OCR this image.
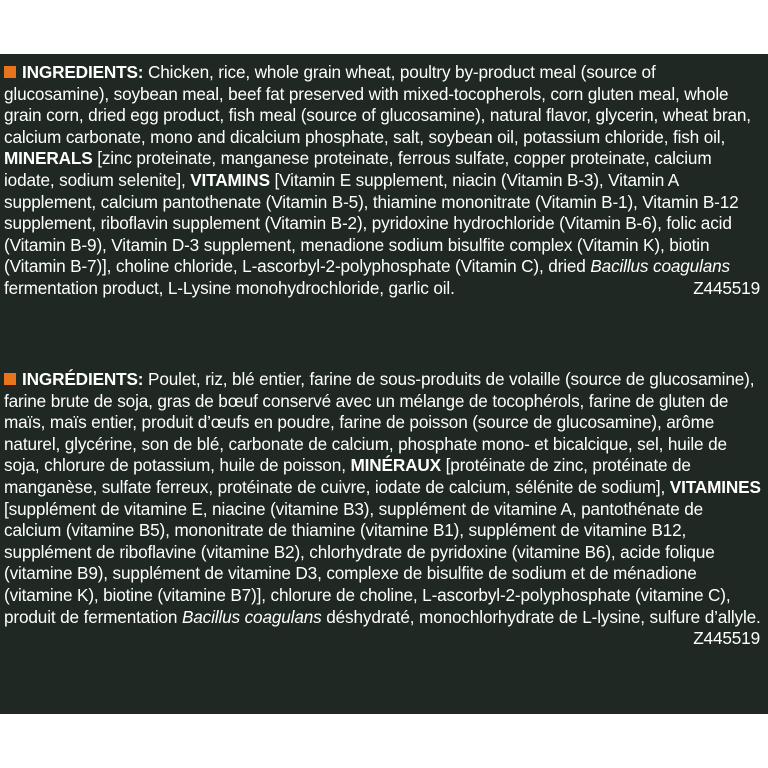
INGREDIENTS: Chicken, rice, whole grain wheat, poultry by-product meal (source of glucosamine), soybean meal, beef fat preserved with mixed-tocopherols, corn gluten meal, whole grain corn, dried egg product, fish meal (source of glucosamine), natural flavor, glycerin, wheat bran, calcium carbonate, mono and dicalcium phosphate, salt, soybean oil, potassium chloride, fish oil, MINERALS [zinc proteinate, manganese proteinate, ferrous sulfate, copper proteinate, calcium iodate, sodium selenite], VITAMINS [Vitamin E supplement, niacin (Vitamin B-3), Vitamin A supplement, calcium pantothenate (Vitamin B-5), thiamine mononitrate (Vitamin B-1), Vitamin B-12 supplement, riboflavin supplement (Vitamin B-2), pyridoxine hydrochloride (Vitamin B-6), folic acid (Vitamin B-9), Vitamin D-3 supplement, menadione sodium bisulfite complex (Vitamin K), biotin (Vitamin B-7)], choline chloride, L-ascorbyl-2-polyphosphate (Vitamin C), dried Bacillus coagulans fermentation product, L-Lysine monohydrochloride, garlic oil.	Z445519
INGRÉDIENTS: Poulet, riz, blé entier, farine de sous-produits de volaille (source de glucosamine), farine brute de soja, gras de bœuf conservé avec un mélange de tocophérols, farine de gluten de maïs, maïs entier, produit d’œufs en poudre, farine de poisson (source de glucosamine), arôme naturel, glycérine, son de blé, carbonate de calcium, phosphate mono- et bicalcique, sel, huile de soja, chlorure de potassium, huile de poisson, MINÉRAUX [protéinate de zinc, protéinate de manganèse, sulfate ferreux, protéinate de cuivre, iodate de calcium, sélénite de sodium], VITAMINES [supplément de vitamine E, niacine (vitamine B3), supplément de vitamine A, pantothénate de calcium (vitamine B5), mononitrate de thiamine (vitamine B1), supplément de vitamine B12, supplément de riboflavine (vitamine B2), chlorhydrate de pyridoxine (vitamine B6), acide folique (vitamine B9), supplément de vitamine D3, complexe de bisulfite de sodium et de ménadione (vitamine K), biotine (vitamine B7)], chlorure de choline, L-ascorbyl-2-polyphosphate (vitamine C), produit de fermentation Bacillus coagulans déshydraté, monochlorhydrate de L-lysine, sulfure d’allyle.
Z445519
